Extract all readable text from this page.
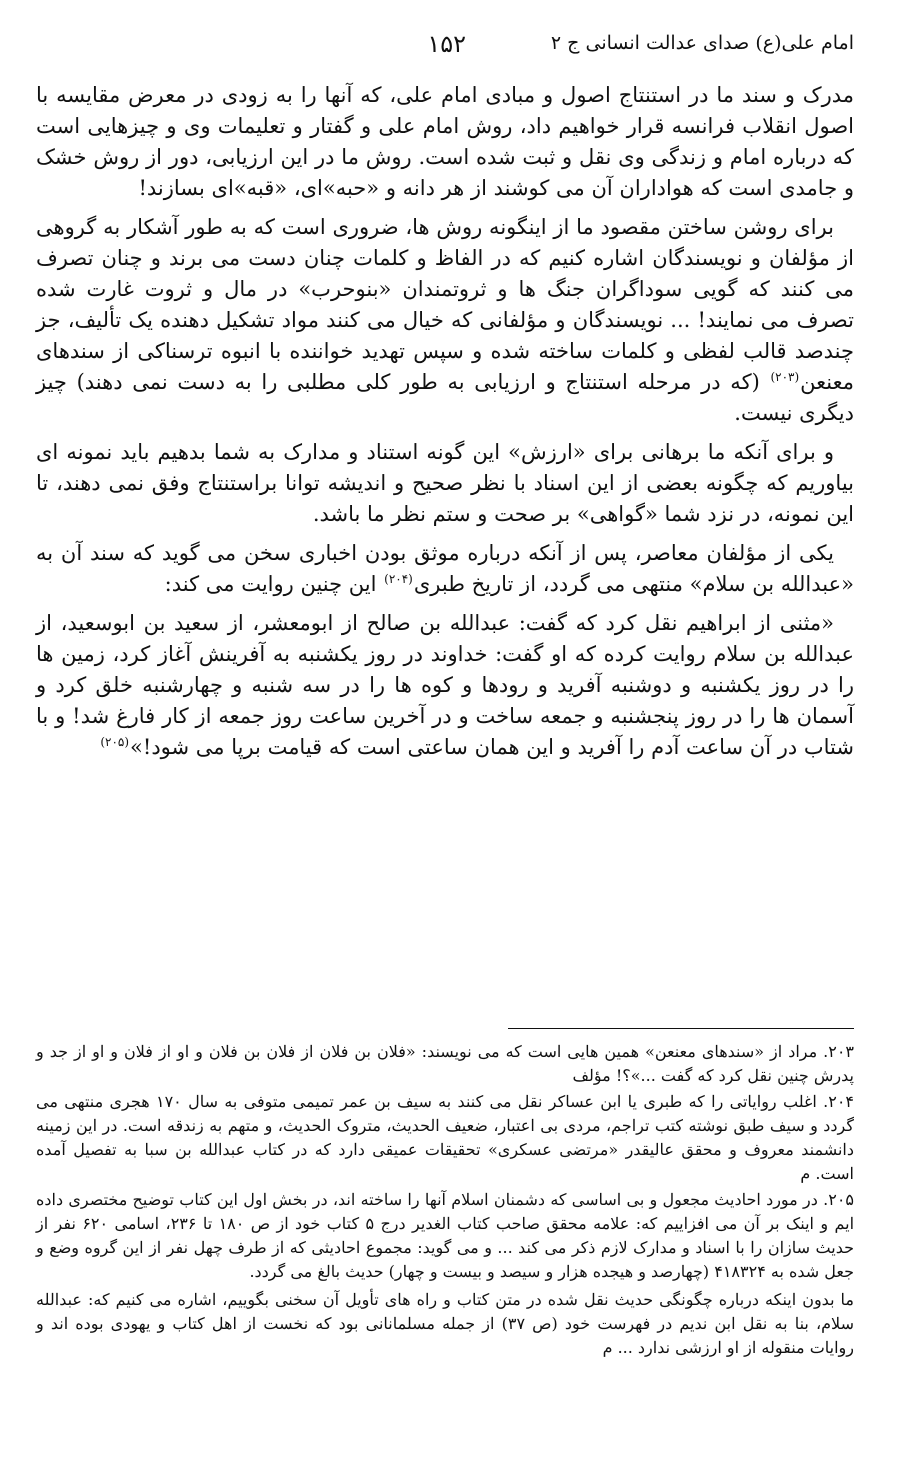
امام علی(ع) صدای عدالت انسانی ج ۲
۱۵۲

مدرک و سند ما در استنتاج اصول و مبادی امام علی، که آنها را به زودی در معرض مقایسه با اصول انقلاب فرانسه قرار خواهیم داد، روش امام علی و گفتار و تعلیمات وی و چیزهایی است که درباره امام و زندگی وی نقل و ثبت شده است. روش ما در این ارزیابی، دور از روش خشک و جامدی است که هواداران آن می کوشند از هر دانه و «حبه»ای، «قبه»ای بسازند!

برای روشن ساختن مقصود ما از اینگونه روش ها، ضروری است که به طور آشکار به گروهی از مؤلفان و نویسندگان اشاره کنیم که در الفاظ و کلمات چنان دست می برند و چنان تصرف می کنند که گویی سوداگران جنگ ها و ثروتمندان «بنوحرب» در مال و ثروت غارت شده تصرف می نمایند! ... نویسندگان و مؤلفانی که خیال می کنند مواد تشکیل دهنده یک تألیف، جز چندصد قالب لفظی و کلمات ساخته شده و سپس تهدید خواننده با انبوه ترسناکی از سندهای معنعن$^{(۲۰۳)}$ (که در مرحله استنتاج و ارزیابی به طور کلی مطلبی را به دست نمی دهند) چیز دیگری نیست.

و برای آنکه ما برهانی برای «ارزش» این گونه استناد و مدارک به شما بدهیم باید نمونه ای بیاوریم که چگونه بعضی از این اسناد با نظر صحیح و اندیشه توانا براستنتاج وفق نمی دهند، تا این نمونه، در نزد شما «گواهی» بر صحت و ستم نظر ما باشد.

یکی از مؤلفان معاصر، پس از آنکه درباره موثق بودن اخباری سخن می گوید که سند آن به «عبدالله بن سلام» منتهی می گردد، از تاریخ طبری$^{(۲۰۴)}$ این چنین روایت می کند:

«مثنی از ابراهیم نقل کرد که گفت: عبدالله بن صالح از ابومعشر، از سعید بن ابوسعید، از عبدالله بن سلام روایت کرده که او گفت: خداوند در روز یکشنبه به آفرینش آغاز کرد، زمین ها را در روز یکشنبه و دوشنبه آفرید و رودها و کوه ها را در سه شنبه و چهارشنبه خلق کرد و آسمان ها را در روز پنجشنبه و جمعه ساخت و در آخرین ساعت روز جمعه از کار فارغ شد! و با شتاب در آن ساعت آدم را آفرید و این همان ساعتی است که قیامت برپا می شود!»$^{(۲۰۵)}$

۲۰۳. مراد از «سندهای معنعن» همین هایی است که می نویسند: «فلان بن فلان از فلان بن فلان و او از فلان و او از جد و پدرش چنین نقل کرد که گفت ...»؟! مؤلف

۲۰۴. اغلب روایاتی را که طبری یا ابن عساکر نقل می کنند به سیف بن عمر تمیمی متوفی به سال ۱۷۰ هجری منتهی می گردد و سیف طبق نوشته کتب تراجم، مردی بی اعتبار، ضعیف الحدیث، متروک الحدیث، و متهم به زندقه است. در این زمینه دانشمند معروف و محقق عالیقدر «مرتضی عسکری» تحقیقات عمیقی دارد که در کتاب عبدالله بن سبا به تفصیل آمده است. م

۲۰۵. در مورد احادیث مجعول و بی اساسی که دشمنان اسلام آنها را ساخته اند، در بخش اول این کتاب توضیح مختصری داده ایم و اینک بر آن می افزاییم که: علامه محقق صاحب کتاب الغدیر درج ۵ کتاب خود از ص ۱۸۰ تا ۲۳۶، اسامی ۶۲۰ نفر از حدیث سازان را با اسناد و مدارک لازم ذکر می کند ... و می گوید: مجموع احادیثی که از طرف چهل نفر از این گروه وضع و جعل شده به ۴۱۸۳۲۴ (چهارصد و هیجده هزار و سیصد و بیست و چهار) حدیث بالغ می گردد.

ما بدون اینکه درباره چگونگی حدیث نقل شده در متن کتاب و راه های تأویل آن سخنی بگوییم، اشاره می کنیم که: عبدالله سلام، بنا به نقل ابن ندیم در فهرست خود (ص ۳۷) از جمله مسلمانانی بود که نخست از اهل کتاب و یهودی بوده اند و روایات منقوله از او ارزشی ندارد ... م
